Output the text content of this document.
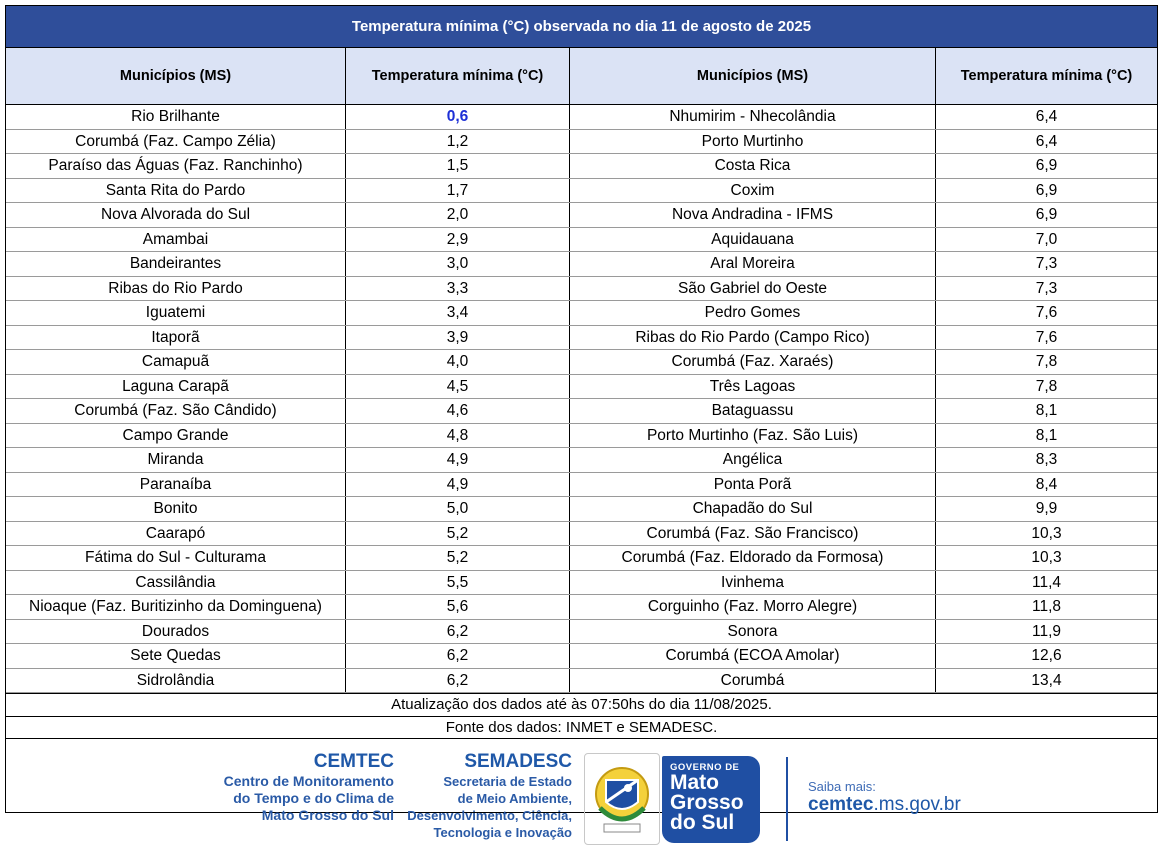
Temperatura mínima (°C) observada no dia 11 de agosto de 2025
Municípios (MS)	Temperatura mínima (°C)	Municípios (MS)	Temperatura mínima (°C)
Rio Brilhante	0,6	Nhumirim - Nhecolândia	6,4
Corumbá (Faz. Campo Zélia)	1,2	Porto Murtinho	6,4
Paraíso das Águas (Faz. Ranchinho)	1,5	Costa Rica	6,9
Santa Rita do Pardo	1,7	Coxim	6,9
Nova Alvorada do Sul	2,0	Nova Andradina - IFMS	6,9
Amambai	2,9	Aquidauana	7,0
Bandeirantes	3,0	Aral Moreira	7,3
Ribas do Rio Pardo	3,3	São Gabriel do Oeste	7,3
Iguatemi	3,4	Pedro Gomes	7,6
Itaporã	3,9	Ribas do Rio Pardo (Campo Rico)	7,6
Camapuã	4,0	Corumbá (Faz. Xaraés)	7,8
Laguna Carapã	4,5	Três Lagoas	7,8
Corumbá (Faz. São Cândido)	4,6	Bataguassu	8,1
Campo Grande	4,8	Porto Murtinho (Faz. São Luis)	8,1
Miranda	4,9	Angélica	8,3
Paranaíba	4,9	Ponta Porã	8,4
Bonito	5,0	Chapadão do Sul	9,9
Caarapó	5,2	Corumbá (Faz. São Francisco)	10,3
Fátima do Sul - Culturama	5,2	Corumbá (Faz. Eldorado da Formosa)	10,3
Cassilândia	5,5	Ivinhema	11,4
Nioaque (Faz. Buritizinho da Dominguena)	5,6	Corguinho (Faz. Morro Alegre)	11,8
Dourados	6,2	Sonora	11,9
Sete Quedas	6,2	Corumbá (ECOA Amolar)	12,6
Sidrolândia	6,2	Corumbá	13,4
Atualização dos dados até às 07:50hs do dia 11/08/2025.
Fonte dos dados: INMET e SEMADESC.
CEMTEC
Centro de Monitoramento
do Tempo e do Clima de
Mato Grosso do Sul
SEMADESC
Secretaria de Estado
de Meio Ambiente,
Desenvolvimento, Ciência,
Tecnologia e Inovação
GOVERNO DE
Mato
Grosso
do Sul
Saiba mais:
cemtec.ms.gov.br
